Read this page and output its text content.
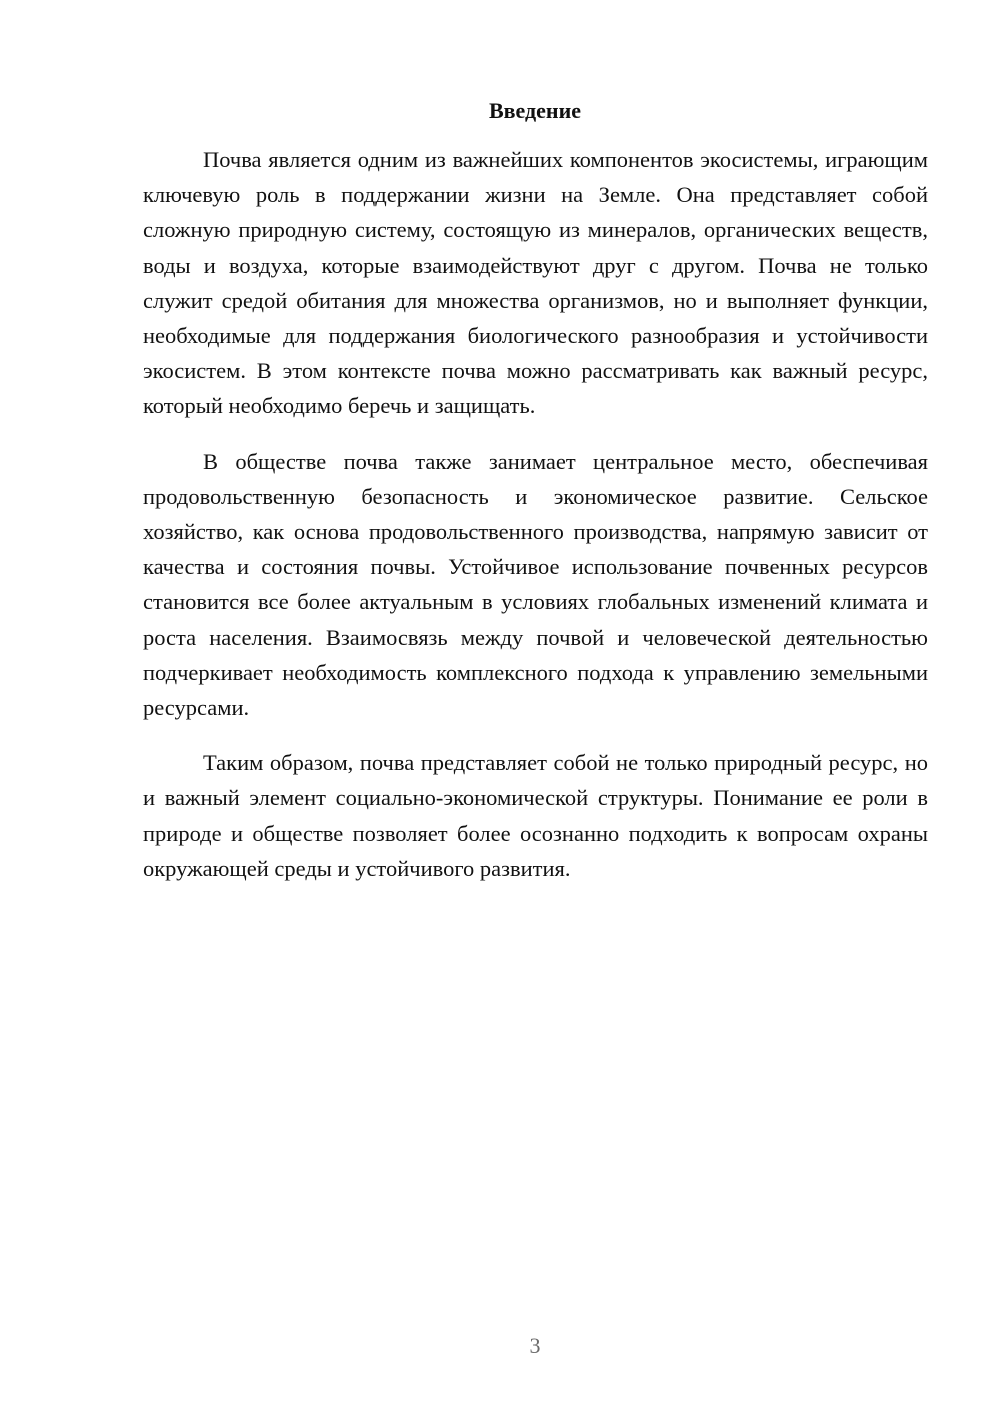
Введение

Почва является одним из важнейших компонентов экосистемы, играющим ключевую роль в поддержании жизни на Земле. Она представляет собой сложную природную систему, состоящую из минералов, органических веществ, воды и воздуха, которые взаимодействуют друг с другом. Почва не только служит средой обитания для множества организмов, но и выполняет функции, необходимые для поддержания биологического разнообразия и устойчивости экосистем. В этом контексте почва можно рассматривать как важный ресурс, который необходимо беречь и защищать.

В обществе почва также занимает центральное место, обеспечивая продовольственную безопасность и экономическое развитие. Сельское хозяйство, как основа продовольственного производства, напрямую зависит от качества и состояния почвы. Устойчивое использование почвенных ресурсов становится все более актуальным в условиях глобальных изменений климата и роста населения. Взаимосвязь между почвой и человеческой деятельностью подчеркивает необходимость комплексного подхода к управлению земельными ресурсами.

Таким образом, почва представляет собой не только природный ресурс, но и важный элемент социально-экономической структуры. Понимание ее роли в природе и обществе позволяет более осознанно подходить к вопросам охраны окружающей среды и устойчивого развития.

3
